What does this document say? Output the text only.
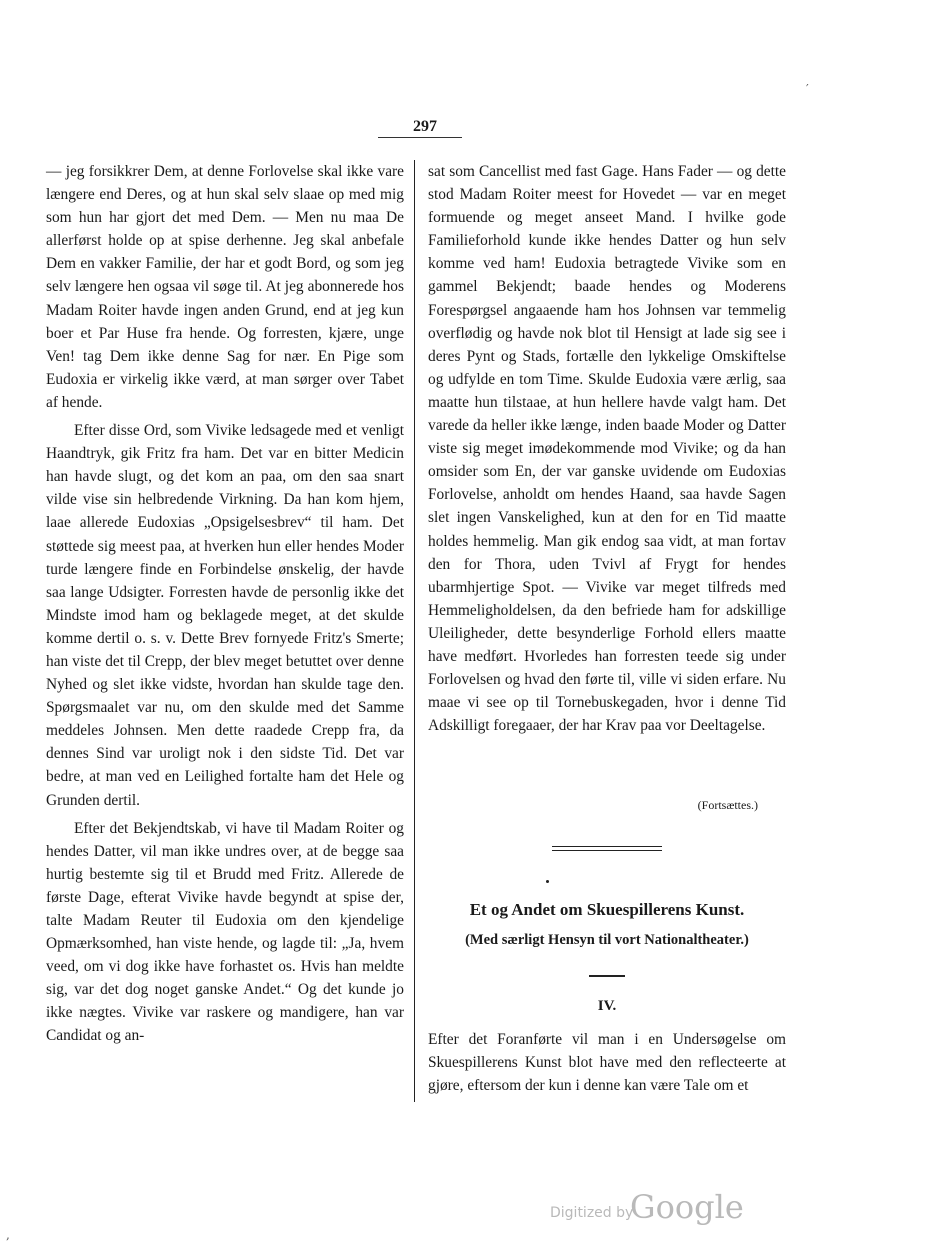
297

— jeg forsikkrer Dem, at denne Forlovelse skal ikke vare længere end Deres, og at hun skal selv slaae op med mig som hun har gjort det med Dem. — Men nu maa De allerførst holde op at spise derhenne. Jeg skal anbefale Dem en vakker Familie, der har et godt Bord, og som jeg selv længere hen ogsaa vil søge til. At jeg abonnerede hos Madam Roiter havde ingen anden Grund, end at jeg kun boer et Par Huse fra hende. Og forresten, kjære, unge Ven! tag Dem ikke denne Sag for nær. En Pige som Eudoxia er virkelig ikke værd, at man sørger over Tabet af hende.

Efter disse Ord, som Vivike ledsagede med et venligt Haandtryk, gik Fritz fra ham. Det var en bitter Medicin han havde slugt, og det kom an paa, om den saa snart vilde vise sin helbredende Virkning. Da han kom hjem, laae allerede Eudoxias „Opsigelsesbrev“ til ham. Det støttede sig meest paa, at hverken hun eller hendes Moder turde længere finde en Forbindelse ønskelig, der havde saa lange Udsigter. Forresten havde de personlig ikke det Mindste imod ham og beklagede meget, at det skulde komme dertil o. s. v. Dette Brev fornyede Fritz's Smerte; han viste det til Crepp, der blev meget betuttet over denne Nyhed og slet ikke vidste, hvordan han skulde tage den. Spørgsmaalet var nu, om den skulde med det Samme meddeles Johnsen. Men dette raadede Crepp fra, da dennes Sind var uroligt nok i den sidste Tid. Det var bedre, at man ved en Leilighed fortalte ham det Hele og Grunden dertil.

Efter det Bekjendtskab, vi have til Madam Roiter og hendes Datter, vil man ikke undres over, at de begge saa hurtig bestemte sig til et Brudd med Fritz. Allerede de første Dage, efterat Vivike havde begyndt at spise der, talte Madam Reuter til Eudoxia om den kjendelige Opmærksomhed, han viste hende, og lagde til: „Ja, hvem veed, om vi dog ikke have forhastet os. Hvis han meldte sig, var det dog noget ganske Andet.“ Og det kunde jo ikke nægtes. Vivike var raskere og mandigere, han var Candidat og an-

sat som Cancellist med fast Gage. Hans Fader — og dette stod Madam Roiter meest for Hovedet — var en meget formuende og meget anseet Mand. I hvilke gode Familieforhold kunde ikke hendes Datter og hun selv komme ved ham! Eudoxia betragtede Vivike som en gammel Bekjendt; baade hendes og Moderens Forespørgsel angaaende ham hos Johnsen var temmelig overflødig og havde nok blot til Hensigt at lade sig see i deres Pynt og Stads, fortælle den lykkelige Omskiftelse og udfylde en tom Time. Skulde Eudoxia være ærlig, saa maatte hun tilstaae, at hun hellere havde valgt ham. Det varede da heller ikke længe, inden baade Moder og Datter viste sig meget imødekommende mod Vivike; og da han omsider som En, der var ganske uvidende om Eudoxias Forlovelse, anholdt om hendes Haand, saa havde Sagen slet ingen Vanskelighed, kun at den for en Tid maatte holdes hemmelig. Man gik endog saa vidt, at man fortav den for Thora, uden Tvivl af Frygt for hendes ubarmhjertige Spot. — Vivike var meget tilfreds med Hemmeligholdelsen, da den befriede ham for adskillige Uleiligheder, dette besynderlige Forhold ellers maatte have medført. Hvorledes han forresten teede sig under Forlovelsen og hvad den førte til, ville vi siden erfare. Nu maae vi see op til Tornebuskegaden, hvor i denne Tid Adskilligt foregaaer, der har Krav paa vor Deeltagelse.

(Fortsættes.)
Et og Andet om Skuespillerens Kunst.
(Med særligt Hensyn til vort Nationaltheater.)
IV.

Efter det Foranførte vil man i en Undersøgelse om Skuespillerens Kunst blot have med den reflecteerte at gjøre, eftersom der kun i denne kan være Tale om et

Digitized by
Google
′
,
